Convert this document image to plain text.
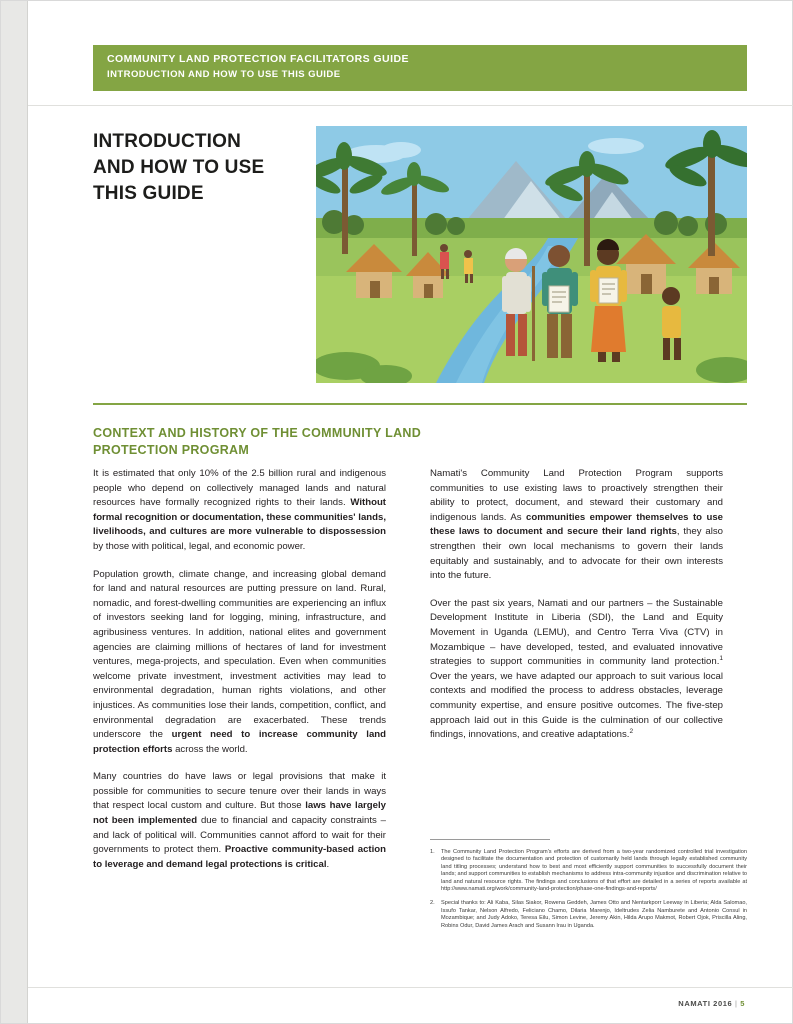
COMMUNITY LAND PROTECTION FACILITATORS GUIDE
INTRODUCTION AND HOW TO USE THIS GUIDE
INTRODUCTION
AND HOW TO USE
THIS GUIDE
CONTEXT AND HISTORY OF THE COMMUNITY LAND PROTECTION PROGRAM

It is estimated that only 10% of the 2.5 billion rural and indigenous people who depend on collectively managed lands and natural resources have formally recognized rights to their lands. Without formal recognition or documentation, these communities' lands, livelihoods, and cultures are more vulnerable to dispossession by those with political, legal, and economic power.

Population growth, climate change, and increasing global demand for land and natural resources are putting pressure on land. Rural, nomadic, and forest-dwelling communities are experiencing an influx of investors seeking land for logging, mining, infrastructure, and agribusiness ventures. In addition, national elites and government agencies are claiming millions of hectares of land for investment ventures, mega-projects, and speculation. Even when communities welcome private investment, investment activities may lead to environmental degradation, human rights violations, and other injustices. As communities lose their lands, competition, conflict, and environmental degradation are exacerbated. These trends underscore the urgent need to increase community land protection efforts across the world.

Many countries do have laws or legal provisions that make it possible for communities to secure tenure over their lands in ways that respect local custom and culture. But those laws have largely not been implemented due to financial and capacity constraints – and lack of political will. Communities cannot afford to wait for their governments to protect them. Proactive community-based action to leverage and demand legal protections is critical.

Namati's Community Land Protection Program supports communities to use existing laws to proactively strengthen their ability to protect, document, and steward their customary and indigenous lands. As communities empower themselves to use these laws to document and secure their land rights, they also strengthen their own local mechanisms to govern their lands equitably and sustainably, and to advocate for their own interests into the future.

Over the past six years, Namati and our partners – the Sustainable Development Institute in Liberia (SDI), the Land and Equity Movement in Uganda (LEMU), and Centro Terra Viva (CTV) in Mozambique – have developed, tested, and evaluated innovative strategies to support communities in community land protection.$^1$ Over the years, we have adapted our approach to suit various local contexts and modified the process to address obstacles, leverage community expertise, and ensure positive outcomes. The five-step approach laid out in this Guide is the culmination of our collective findings, innovations, and creative adaptations.$^2$

1. The Community Land Protection Program's efforts are derived from a two-year randomized controlled trial investigation designed to facilitate the documentation and protection of customarily held lands through legally established community land titling processes; understand how to best and most efficiently support communities to successfully document their lands; and support communities to establish mechanisms to address intra-community injustice and discrimination relative to land and natural resource rights. The findings and conclusions of that effort are detailed in a series of reports available at http://www.namati.org/work/community-land-protection/phase-one-findings-and-reports/
2. Special thanks to: Ali Kaba, Silas Siakor, Rowena Geddeh, James Otto and Nentarkporr Leeway in Liberia; Alda Salomao, Issufo Tankar, Nelson Alfredo, Feliciano Chamo, Dilaria Marenjo, Ideltrudes Zelia Namburete and Antonio Consul in Mozambique; and Judy Adoko, Teresa Eilu, Simon Levine, Jeremy Akin, Hilda Arupo Makmot, Robert Ojok, Priscilla Aling, Robins Odur, David James Arach and Susann Irau in Uganda.
NAMATI 2016 | 5
